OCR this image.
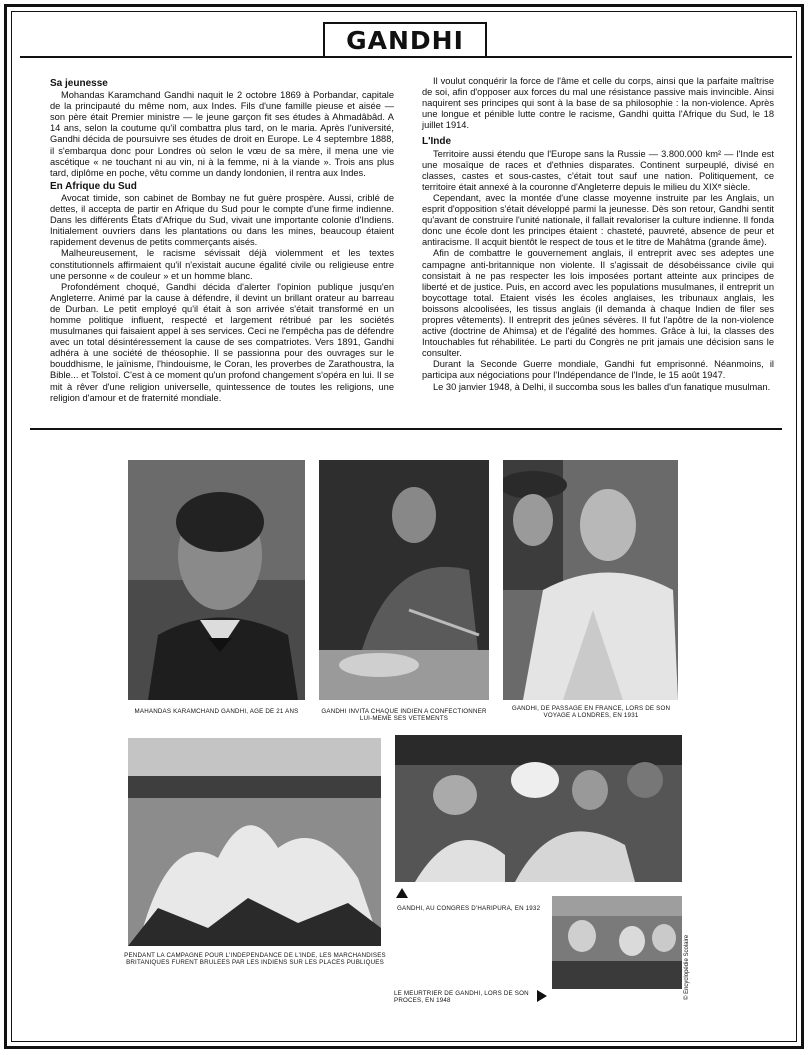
GANDHI
Sa jeunesse

Mohandas Karamchand Gandhi naquit le 2 octobre 1869 à Porbandar, capitale de la principauté du même nom, aux Indes. Fils d'une famille pieuse et aisée — son père était Premier ministre — le jeune garçon fit ses études à Ahmadâbâd. A 14 ans, selon la coutume qu'il combattra plus tard, on le maria. Après l'université, Gandhi décida de poursuivre ses études de droit en Europe. Le 4 septembre 1888, il s'embarqua donc pour Londres où selon le vœu de sa mère, il mena une vie ascétique « ne touchant ni au vin, ni à la femme, ni à la viande ». Trois ans plus tard, diplôme en poche, vêtu comme un dandy londonien, il rentra aux Indes.

En Afrique du Sud

Avocat timide, son cabinet de Bombay ne fut guère prospère. Aussi, criblé de dettes, il accepta de partir en Afrique du Sud pour le compte d'une firme indienne. Dans les différents États d'Afrique du Sud, vivait une importante colonie d'Indiens. Initialement ouvriers dans les plantations ou dans les mines, beaucoup étaient rapidement devenus de petits commerçants aisés.

Malheureusement, le racisme sévissait déjà violemment et les textes constitutionnels affirmaient qu'il n'existait aucune égalité civile ou religieuse entre une personne « de couleur » et un homme blanc.

Profondément choqué, Gandhi décida d'alerter l'opinion publique jusqu'en Angleterre. Animé par la cause à défendre, il devint un brillant orateur au barreau de Durban. Le petit employé qu'il était à son arrivée s'était transformé en un homme politique influent, respecté et largement rétribué par les sociétés musulmanes qui faisaient appel à ses services. Ceci ne l'empêcha pas de défendre avec un total désintéressement la cause de ses compatriotes. Vers 1891, Gandhi adhéra à une société de théosophie. Il se passionna pour des ouvrages sur le bouddhisme, le jaïnisme, l'hindouisme, le Coran, les proverbes de Zarathoustra, la Bible... et Tolstoï. C'est à ce moment qu'un profond changement s'opéra en lui. Il se mit à rêver d'une religion universelle, quintessence de toutes les religions, une religion d'amour et de fraternité mondiale.

Il voulut conquérir la force de l'âme et celle du corps, ainsi que la parfaite maîtrise de soi, afin d'opposer aux forces du mal une résistance passive mais invincible. Ainsi naquirent ses principes qui sont à la base de sa philosophie : la non-violence. Après une longue et pénible lutte contre le racisme, Gandhi quitta l'Afrique du Sud, le 18 juillet 1914.

L'Inde

Territoire aussi étendu que l'Europe sans la Russie — 3.800.000 km² — l'Inde est une mosaïque de races et d'ethnies disparates. Continent surpeuplé, divisé en classes, castes et sous-castes, c'était tout sauf une nation. Politiquement, ce territoire était annexé à la couronne d'Angleterre depuis le milieu du XIXᵉ siècle.

Cependant, avec la montée d'une classe moyenne instruite par les Anglais, un esprit d'opposition s'était développé parmi la jeunesse. Dès son retour, Gandhi sentit qu'avant de construire l'unité nationale, il fallait revaloriser la culture indienne. Il fonda donc une école dont les principes étaient : chasteté, pauvreté, absence de peur et antiracisme. Il acquit bientôt le respect de tous et le titre de Mahâtma (grande âme).

Afin de combattre le gouvernement anglais, il entreprit avec ses adeptes une campagne anti-britannique non violente. Il s'agissait de désobéissance civile qui consistait à ne pas respecter les lois imposées portant atteinte aux principes de liberté et de justice. Puis, en accord avec les populations musulmanes, il entreprit un boycottage total. Etaient visés les écoles anglaises, les tribunaux anglais, les boissons alcoolisées, les tissus anglais (il demanda à chaque Indien de filer ses propres vêtements). Il entreprit des jeûnes sévères. Il fut l'apôtre de la non-violence active (doctrine de Ahimsa) et de l'égalité des hommes. Grâce à lui, la classes des Intouchables fut réhabilitée. Le parti du Congrès ne prit jamais une décision sans le consulter.

Durant la Seconde Guerre mondiale, Gandhi fut emprisonné. Néanmoins, il participa aux négociations pour l'Indépendance de l'Inde, le 15 août 1947.

Le 30 janvier 1948, à Delhi, il succomba sous les balles d'un fanatique musulman.

MAHANDAS KARAMCHAND GANDHI, AGE DE 21 ANS	GANDHI INVITA CHAQUE INDIEN A CONFECTIONNER LUI-MEME SES VETEMENTS
GANDHI, DE PASSAGE EN FRANCE, LORS DE SON VOYAGE A LONDRES, EN 1931
PENDANT LA CAMPAGNE POUR L'INDEPENDANCE DE L'INDE, LES MARCHANDISES BRITANIQUES FURENT BRULEES PAR LES INDIENS SUR LES PLACES PUBLIQUES
GANDHI, AU CONGRES D'HARIPURA, EN 1932
LE MEURTRIER DE GANDHI, LORS DE SON PROCES, EN 1948
© Encyclopédie Scolaire
